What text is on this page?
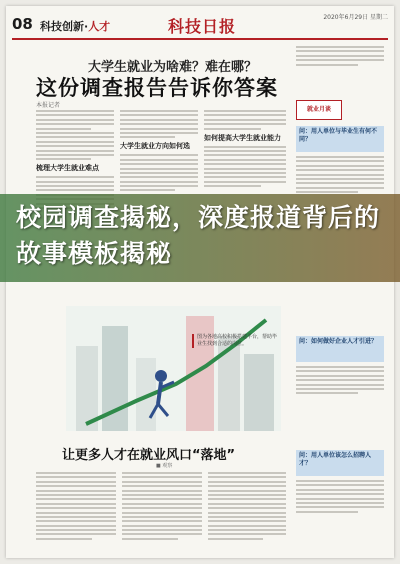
08 科技创新·人才	科技日报	2020年6月29日 星期二
大学生就业为啥难？难在哪？
这份调查报告告诉你答案
本报记者
梳理大学生就业难点
大学生就业方向如何选
如何提高大学生就业能力
就业月谈
问：用人单位与毕业生有何不同？
问：如何做好企业人才引进？
问：用人单位该怎么招聘人才？
图为各地高校积极搭建平台，帮助毕业生找到合适的岗位。
让更多人才在就业风口“落地”
■ 观察
校园调查揭秘，深度报道背后的故事模板揭秘
